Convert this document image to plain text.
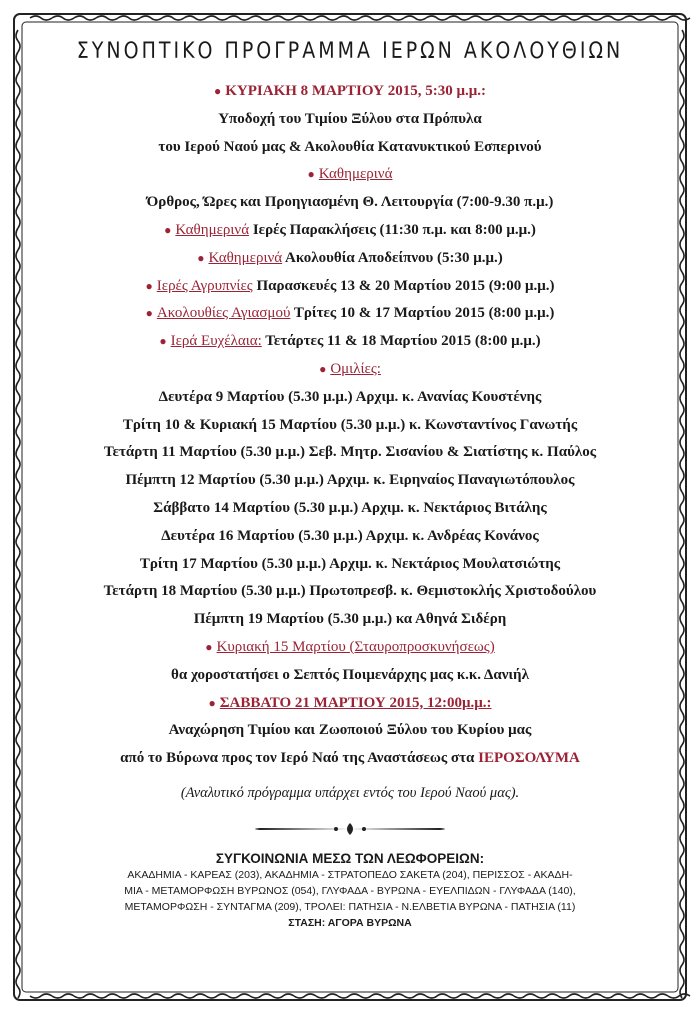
ΣΥΝΟΠΤΙΚΟ ΠΡΟΓΡΑΜΜΑ ΙΕΡΩΝ ΑΚΟΛΟΥΘΙΩΝ
● ΚΥΡΙΑΚΗ 8 ΜΑΡΤΙΟΥ 2015, 5:30 μ.μ.:
Υποδοχή του Τιμίου Ξύλου στα Πρόπυλα
του Ιερού Ναού μας & Ακολουθία Κατανυκτικού Εσπερινού
● Καθημερινά
Όρθρος, Ώρες και Προηγιασμένη Θ. Λειτουργία (7:00-9.30 π.μ.)
● Καθημερινά Ιερές Παρακλήσεις (11:30 π.μ. και 8:00 μ.μ.)
● Καθημερινά Ακολουθία Αποδείπνου (5:30 μ.μ.)
● Ιερές Αγρυπνίες Παρασκευές 13 & 20 Μαρτίου 2015 (9:00 μ.μ.)
● Ακολουθίες Αγιασμού Τρίτες 10 & 17 Μαρτίου 2015 (8:00 μ.μ.)
● Ιερά Ευχέλαια: Τετάρτες 11 & 18 Μαρτίου 2015 (8:00 μ.μ.)
● Ομιλίες:
Δευτέρα 9 Μαρτίου (5.30 μ.μ.) Αρχιμ. κ. Ανανίας Κουστένης
Τρίτη 10 & Κυριακή 15 Μαρτίου (5.30 μ.μ.) κ. Κωνσταντίνος Γανωτής
Τετάρτη 11 Μαρτίου (5.30 μ.μ.) Σεβ. Μητρ. Σισανίου & Σιατίστης κ. Παύλος
Πέμπτη 12 Μαρτίου (5.30 μ.μ.) Αρχιμ. κ. Ειρηναίος Παναγιωτόπουλος
Σάββατο 14 Μαρτίου (5.30 μ.μ.) Αρχιμ. κ. Νεκτάριος Βιτάλης
Δευτέρα 16 Μαρτίου (5.30 μ.μ.) Αρχιμ. κ. Ανδρέας Κονάνος
Τρίτη 17 Μαρτίου (5.30 μ.μ.) Αρχιμ. κ. Νεκτάριος Μουλατσιώτης
Τετάρτη 18 Μαρτίου (5.30 μ.μ.) Πρωτοπρεσβ. κ. Θεμιστοκλής Χριστοδούλου
Πέμπτη 19 Μαρτίου (5.30 μ.μ.) κα Αθηνά Σιδέρη
● Κυριακή 15 Μαρτίου (Σταυροπροσκυνήσεως)
θα χοροστατήσει ο Σεπτός Ποιμενάρχης μας κ.κ. Δανιήλ
● ΣΑΒΒΑΤΟ 21 ΜΑΡΤΙΟΥ 2015, 12:00μ.μ.:
Αναχώρηση Τιμίου και Ζωοποιού Ξύλου του Κυρίου μας
από το Βύρωνα προς τον Ιερό Ναό της Αναστάσεως στα ΙΕΡΟΣΟΛΥΜΑ
(Αναλυτικό πρόγραμμα υπάρχει εντός του Ιερού Ναού μας).
ΣΥΓΚΟΙΝΩΝΙΑ ΜΕΣΩ ΤΩΝ ΛΕΩΦΟΡΕΙΩΝ:
ΑΚΑΔΗΜΙΑ - ΚΑΡΕΑΣ (203), ΑΚΑΔΗΜΙΑ - ΣΤΡΑΤΟΠΕΔΟ ΣΑΚΕΤΑ (204), ΠΕΡΙΣΣΟΣ - ΑΚΑΔΗ-
ΜΙΑ - ΜΕΤΑΜΟΡΦΩΣΗ ΒΥΡΩΝΟΣ (054), ΓΛΥΦΑΔΑ - ΒΥΡΩΝΑ - ΕΥΕΛΠΙΔΩΝ - ΓΛΥΦΑΔΑ (140),
ΜΕΤΑΜΟΡΦΩΣΗ - ΣΥΝΤΑΓΜΑ (209), ΤΡΟΛΕΙ: ΠΑΤΗΣΙΑ - Ν.ΕΛΒΕΤΙΑ ΒΥΡΩΝΑ - ΠΑΤΗΣΙΑ (11)
ΣΤΑΣΗ: ΑΓΟΡΑ ΒΥΡΩΝΑ
